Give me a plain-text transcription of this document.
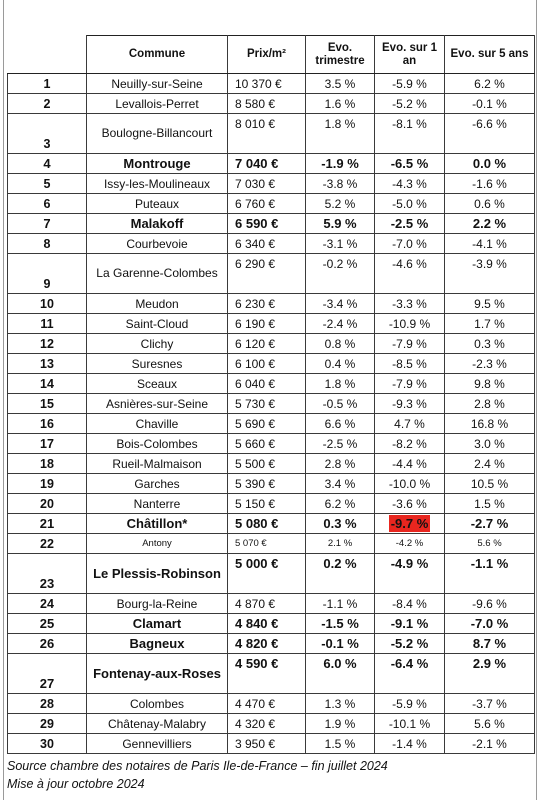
	Commune	Prix/m²	Evo. trimestre	Evo. sur 1 an	Evo. sur 5 ans
1	Neuilly-sur-Seine	10 370 €	3.5 %	-5.9 %	6.2 %
2	Levallois-Perret	8 580 €	1.6 %	-5.2 %	-0.1 %
3	Boulogne-Billancourt	8 010 €	1.8 %	-8.1 %	-6.6 %
4	Montrouge	7 040 €	-1.9 %	-6.5 %	0.0 %
5	Issy-les-Moulineaux	7 030 €	-3.8 %	-4.3 %	-1.6 %
6	Puteaux	6 760 €	5.2 %	-5.0 %	0.6 %
7	Malakoff	6 590 €	5.9 %	-2.5 %	2.2 %
8	Courbevoie	6 340 €	-3.1 %	-7.0 %	-4.1 %
9	La Garenne-Colombes	6 290 €	-0.2 %	-4.6 %	-3.9 %
10	Meudon	6 230 €	-3.4 %	-3.3 %	9.5 %
11	Saint-Cloud	6 190 €	-2.4 %	-10.9 %	1.7 %
12	Clichy	6 120 €	0.8 %	-7.9 %	0.3 %
13	Suresnes	6 100 €	0.4 %	-8.5 %	-2.3 %
14	Sceaux	6 040 €	1.8 %	-7.9 %	9.8 %
15	Asnières-sur-Seine	5 730 €	-0.5 %	-9.3 %	2.8 %
16	Chaville	5 690 €	6.6 %	4.7 %	16.8 %
17	Bois-Colombes	5 660 €	-2.5 %	-8.2 %	3.0 %
18	Rueil-Malmaison	5 500 €	2.8 %	-4.4 %	2.4 %
19	Garches	5 390 €	3.4 %	-10.0 %	10.5 %
20	Nanterre	5 150 €	6.2 %	-3.6 %	1.5 %
21	Châtillon*	5 080 €	0.3 %	-9.7 %	-2.7 %
22	Antony	5 070 €	2.1 %	-4.2 %	5.6 %
23	Le Plessis-Robinson	5 000 €	0.2 %	-4.9 %	-1.1 %
24	Bourg-la-Reine	4 870 €	-1.1 %	-8.4 %	-9.6 %
25	Clamart	4 840 €	-1.5 %	-9.1 %	-7.0 %
26	Bagneux	4 820 €	-0.1 %	-5.2 %	8.7 %
27	Fontenay-aux-Roses	4 590 €	6.0 %	-6.4 %	2.9 %
28	Colombes	4 470 €	1.3 %	-5.9 %	-3.7 %
29	Châtenay-Malabry	4 320 €	1.9 %	-10.1 %	5.6 %
30	Gennevilliers	3 950 €	1.5 %	-1.4 %	-2.1 %
Source chambre des notaires de Paris Ile-de-France – fin juillet 2024
Mise à jour octobre 2024
